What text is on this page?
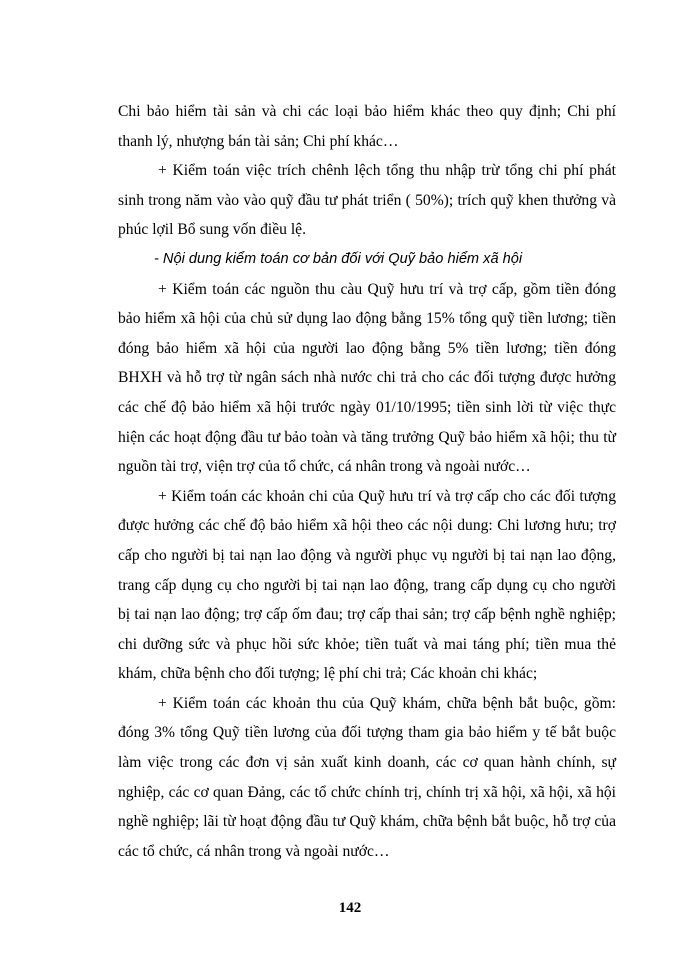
Chi bảo hiểm tài sản và chi các loại bảo hiểm khác theo quy định; Chi phí thanh lý, nhượng bán tài sản; Chi phí khác…

+ Kiểm toán việc trích chênh lệch tổng thu nhập trừ tổng chi phí phát sinh trong năm vào vào quỹ đầu tư phát triển ( 50%); trích quỹ khen thưởng và phúc lợil Bổ sung vốn điều lệ.

- Nội dung kiểm toán cơ bản đối với Quỹ bảo hiểm xã hội

+ Kiểm toán các nguồn thu càu Quỹ hưu trí và trợ cấp, gồm tiền đóng bảo hiểm xã hội của chủ sử dụng lao động bằng 15% tổng quỹ tiền lương; tiền đóng bảo hiểm xã hội của người lao động bằng 5% tiền lương; tiền đóng BHXH và hỗ trợ từ ngân sách nhà nước chi trả cho các đối tượng được hưởng các chế độ bảo hiểm xã hội trước ngày 01/10/1995; tiền sinh lời từ việc thực hiện các hoạt động đầu tư bảo toàn và tăng trưởng Quỹ bảo hiểm xã hội; thu từ nguồn tài trợ, viện trợ của tổ chức, cá nhân trong và ngoài nước…

+ Kiểm toán các khoản chi của Quỹ hưu trí và trợ cấp cho các đối tượng được hưởng các chế độ bảo hiểm xã hội theo các nội dung: Chi lương hưu; trợ cấp cho người bị tai nạn lao động và người phục vụ người bị tai nạn lao động, trang cấp dụng cụ cho người bị tai nạn lao động, trang cấp dụng cụ cho người bị tai nạn lao động; trợ cấp ốm đau; trợ cấp thai sản; trợ cấp bệnh nghề nghiệp; chi dưỡng sức và phục hồi sức khỏe; tiền tuất và mai táng phí; tiền mua thẻ khám, chữa bệnh cho đối tượng; lệ phí chi trả; Các khoản chi khác;

+ Kiểm toán các khoản thu của Quỹ khám, chữa bệnh bắt buộc, gồm: đóng 3% tổng Quỹ tiền lương của đối tượng tham gia bảo hiểm y tế bắt buộc làm việc trong các đơn vị sản xuất kinh doanh, các cơ quan hành chính, sự nghiệp, các cơ quan Đảng, các tổ chức chính trị, chính trị xã hội, xã hội, xã hội nghề nghiệp; lãi từ hoạt động đầu tư Quỹ khám, chữa bệnh bắt buộc, hỗ trợ của các tổ chức, cá nhân trong và ngoài nước…

142
